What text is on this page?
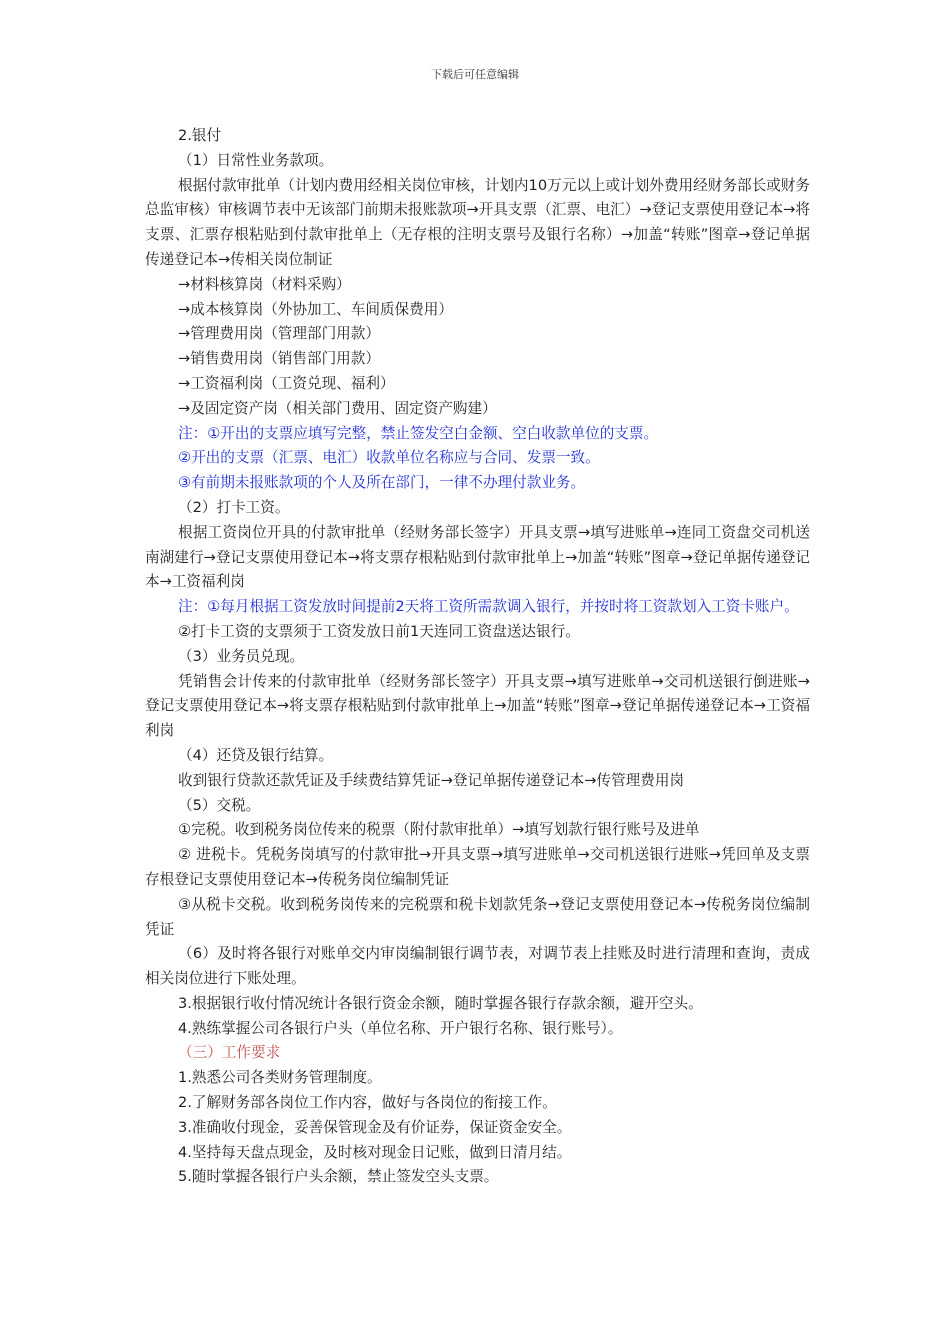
下载后可任意编辑

2.银付

（1）日常性业务款项。

根据付款审批单（计划内费用经相关岗位审核，计划内10万元以上或计划外费用经财务部长或财务总监审核）审核调节表中无该部门前期未报账款项→开具支票（汇票、电汇）→登记支票使用登记本→将支票、汇票存根粘贴到付款审批单上（无存根的注明支票号及银行名称）→加盖“转账”图章→登记单据传递登记本→传相关岗位制证

→材料核算岗（材料采购）

→成本核算岗（外协加工、车间质保费用）

→管理费用岗（管理部门用款）

→销售费用岗（销售部门用款）

→工资福利岗（工资兑现、福利）

→及固定资产岗（相关部门费用、固定资产购建）

注：①开出的支票应填写完整，禁止签发空白金额、空白收款单位的支票。

②开出的支票（汇票、电汇）收款单位名称应与合同、发票一致。

③有前期未报账款项的个人及所在部门，一律不办理付款业务。

（2）打卡工资。

根据工资岗位开具的付款审批单（经财务部长签字）开具支票→填写进账单→连同工资盘交司机送南湖建行→登记支票使用登记本→将支票存根粘贴到付款审批单上→加盖“转账”图章→登记单据传递登记本→工资福利岗

注：①每月根据工资发放时间提前2天将工资所需款调入银行，并按时将工资款划入工资卡账户。

②打卡工资的支票须于工资发放日前1天连同工资盘送达银行。

（3）业务员兑现。

凭销售会计传来的付款审批单（经财务部长签字）开具支票→填写进账单→交司机送银行倒进账→登记支票使用登记本→将支票存根粘贴到付款审批单上→加盖“转账”图章→登记单据传递登记本→工资福利岗

（4）还贷及银行结算。

收到银行贷款还款凭证及手续费结算凭证→登记单据传递登记本→传管理费用岗

（5）交税。

①完税。收到税务岗位传来的税票（附付款审批单）→填写划款行银行账号及进单

② 进税卡。凭税务岗填写的付款审批→开具支票→填写进账单→交司机送银行进账→凭回单及支票存根登记支票使用登记本→传税务岗位编制凭证

③从税卡交税。收到税务岗传来的完税票和税卡划款凭条→登记支票使用登记本→传税务岗位编制凭证

（6）及时将各银行对账单交内审岗编制银行调节表，对调节表上挂账及时进行清理和查询，责成相关岗位进行下账处理。

3.根据银行收付情况统计各银行资金余额，随时掌握各银行存款余额，避开空头。

4.熟练掌握公司各银行户头（单位名称、开户银行名称、银行账号）。

（三）工作要求

1.熟悉公司各类财务管理制度。

2.了解财务部各岗位工作内容，做好与各岗位的衔接工作。

3.准确收付现金，妥善保管现金及有价证券，保证资金安全。

4.坚持每天盘点现金，及时核对现金日记账，做到日清月结。

5.随时掌握各银行户头余额，禁止签发空头支票。
